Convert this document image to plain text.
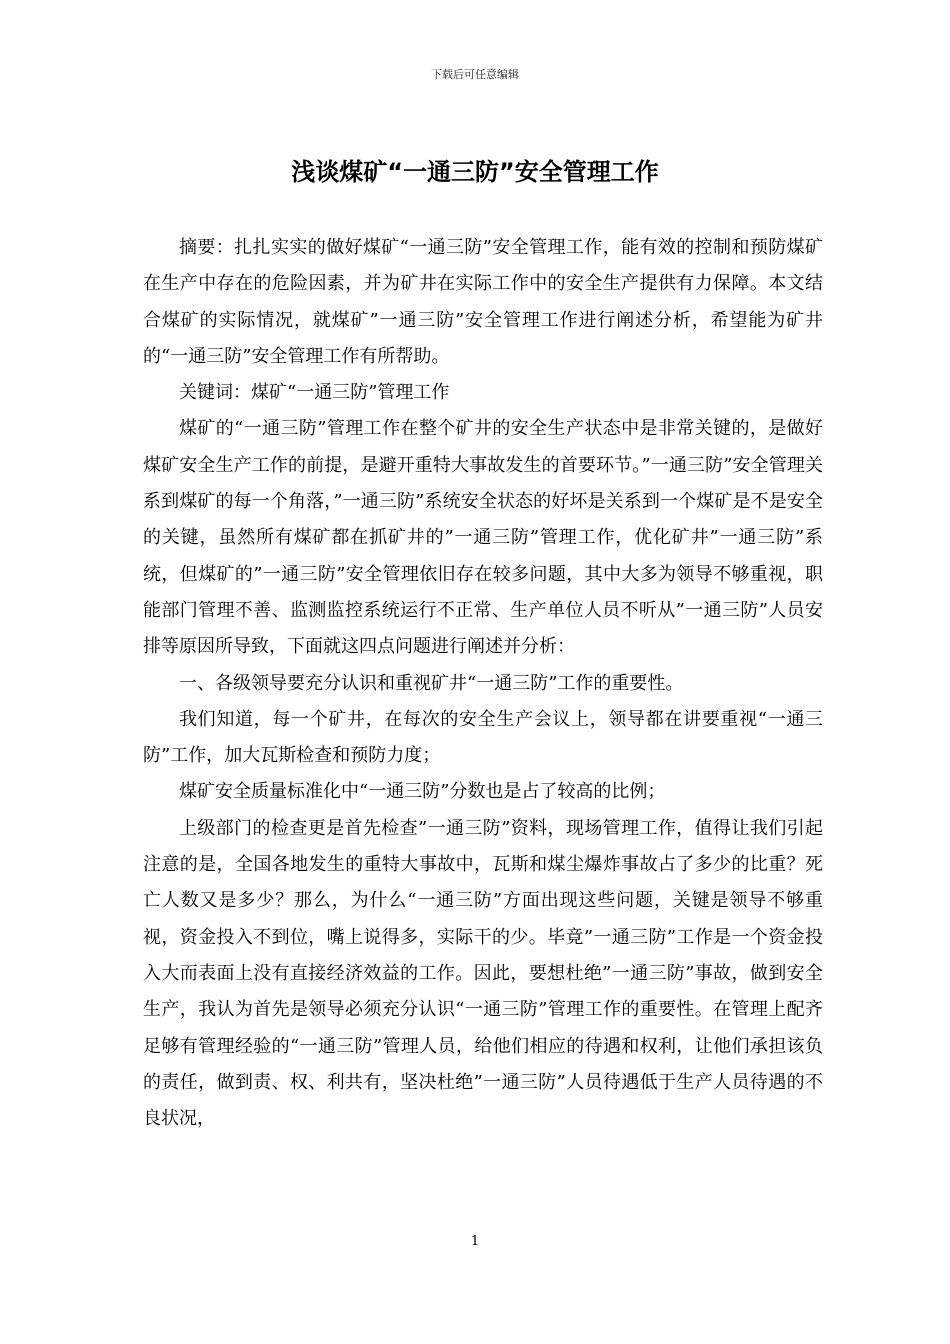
下载后可任意编辑
浅谈煤矿“一通三防”安全管理工作

摘要：扎扎实实的做好煤矿“一通三防”安全管理工作，能有效的控制和预防煤矿在生产中存在的危险因素，并为矿井在实际工作中的安全生产提供有力保障。本文结合煤矿的实际情况，就煤矿”一通三防”安全管理工作进行阐述分析，希望能为矿井的“一通三防”安全管理工作有所帮助。

关键词：煤矿“一通三防”管理工作

煤矿的“一通三防”管理工作在整个矿井的安全生产状态中是非常关键的，是做好煤矿安全生产工作的前提，是避开重特大事故发生的首要环节。”一通三防”安全管理关系到煤矿的每一个角落，”一通三防”系统安全状态的好坏是关系到一个煤矿是不是安全的关键，虽然所有煤矿都在抓矿井的”一通三防”管理工作，优化矿井”一通三防”系统，但煤矿的”一通三防”安全管理依旧存在较多问题，其中大多为领导不够重视，职能部门管理不善、监测监控系统运行不正常、生产单位人员不听从”一通三防”人员安排等原因所导致，下面就这四点问题进行阐述并分析：

一、各级领导要充分认识和重视矿井“一通三防”工作的重要性。

我们知道，每一个矿井，在每次的安全生产会议上，领导都在讲要重视“一通三防”工作，加大瓦斯检查和预防力度；

煤矿安全质量标准化中“一通三防”分数也是占了较高的比例；

上级部门的检查更是首先检查”一通三防”资料，现场管理工作，值得让我们引起注意的是，全国各地发生的重特大事故中，瓦斯和煤尘爆炸事故占了多少的比重？死亡人数又是多少？那么，为什么“一通三防”方面出现这些问题，关键是领导不够重视，资金投入不到位，嘴上说得多，实际干的少。毕竟”一通三防”工作是一个资金投入大而表面上没有直接经济效益的工作。因此，要想杜绝”一通三防”事故，做到安全生产，我认为首先是领导必须充分认识“一通三防”管理工作的重要性。在管理上配齐足够有管理经验的“一通三防”管理人员，给他们相应的待遇和权利，让他们承担该负的责任，做到责、权、利共有，坚决杜绝”一通三防”人员待遇低于生产人员待遇的不良状况，

1
